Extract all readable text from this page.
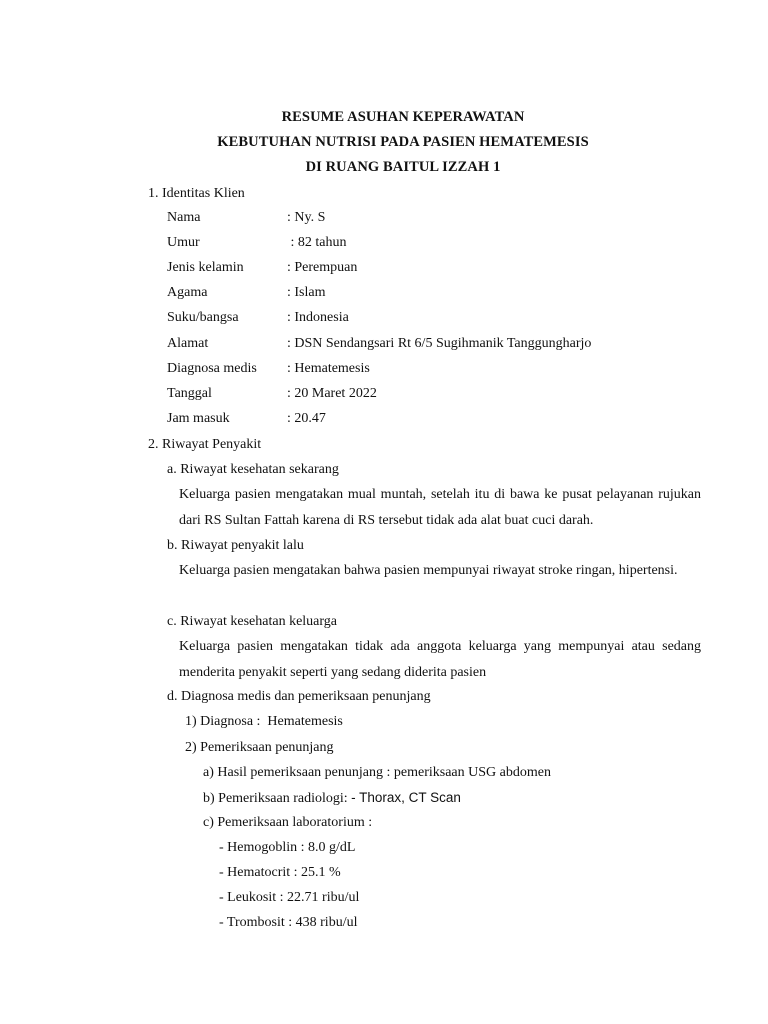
RESUME ASUHAN KEPERAWATAN
KEBUTUHAN NUTRISI PADA PASIEN HEMATEMESIS
DI RUANG BAITUL IZZAH 1
1. Identitas Klien
Nama	: Ny. S
Umur	: 82 tahun
Jenis kelamin	: Perempuan
Agama	: Islam
Suku/bangsa	: Indonesia
Alamat	: DSN Sendangsari Rt 6/5 Sugihmanik Tanggungharjo
Diagnosa medis : Hematemesis
Tanggal	: 20 Maret 2022
Jam masuk	: 20.47
2. Riwayat Penyakit
a. Riwayat kesehatan sekarang
Keluarga pasien mengatakan mual muntah, setelah itu di bawa ke pusat pelayanan rujukan dari RS Sultan Fattah karena di RS tersebut tidak ada alat buat cuci darah.
b. Riwayat penyakit lalu
Keluarga pasien mengatakan bahwa pasien mempunyai riwayat stroke ringan, hipertensi.
c. Riwayat kesehatan keluarga
Keluarga pasien mengatakan tidak ada anggota keluarga yang mempunyai atau sedang menderita penyakit seperti yang sedang diderita pasien
d. Diagnosa medis dan pemeriksaan penunjang
1) Diagnosa :  Hematemesis
2) Pemeriksaan penunjang
a) Hasil pemeriksaan penunjang : pemeriksaan USG abdomen
b) Pemeriksaan radiologi: - Thorax, CT Scan
c) Pemeriksaan laboratorium :
- Hemogoblin : 8.0 g/dL
- Hematocrit : 25.1 %
- Leukosit : 22.71 ribu/ul
- Trombosit : 438 ribu/ul
